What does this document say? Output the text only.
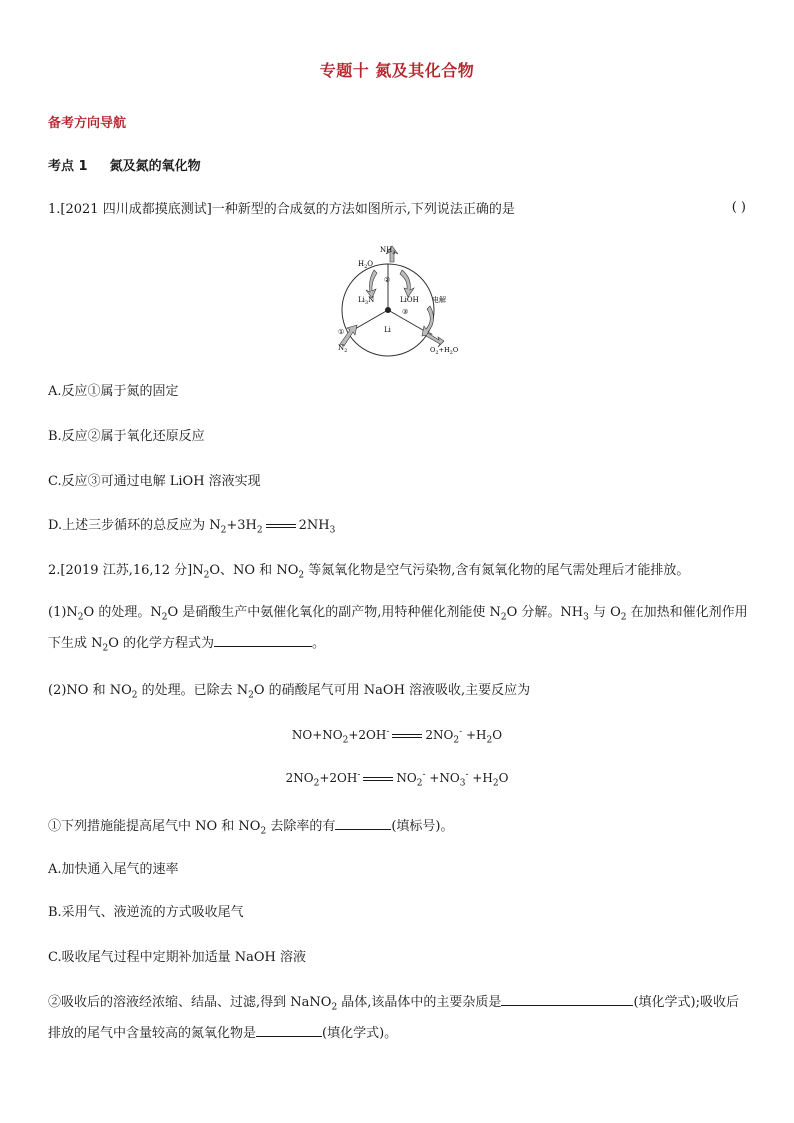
专题十 氮及其化合物
备考方向导航
考点 1 氮及氮的氧化物
1.[2021 四川成都摸底测试]一种新型的合成氨的方法如图所示,下列说法正确的是	( )
$NH_3$
$H_2O$
②
$Li_3N$	LiOH
③
电解
Li
①
$N_2$	$O_2+H_2O$
A.反应①属于氮的固定
B.反应②属于氧化还原反应
C.反应③可通过电解 LiOH 溶液实现
D.上述三步循环的总反应为 $N_2+3H_2$	$2NH_3$
2.[2019 江苏,16,12 分]$N_2O$、NO 和 $NO_2$ 等氮氧化物是空气污染物,含有氮氧化物的尾气需处理后才能排放。
$(1)N_2O$ 的处理。$N_2O$ 是硝酸生产中氨催化氧化的副产物,用特种催化剂能使 $N_2O$ 分解。$NH_3$ 与 $O_2$ 在加热和催化剂作用下生成 $N_2O$ 的化学方程式为	。
(2)NO 和 $NO_2$ 的处理。已除去 $N_2O$ 的硝酸尾气可用 NaOH 溶液吸收,主要反应为
$NO+NO_2+2OH^-$	$2NO_2^- +H_2O$
$2NO_2+2OH^-$	$NO_2^- +NO_3^- +H_2O$
①下列措施能提高尾气中 NO 和 $NO_2$ 去除率的有	(填标号)。
A.加快通入尾气的速率
B.采用气、液逆流的方式吸收尾气
C.吸收尾气过程中定期补加适量 NaOH 溶液
②吸收后的溶液经浓缩、结晶、过滤,得到 NaNO$_2$ 晶体,该晶体中的主要杂质是	(填化学式);吸收后排放的尾气中含量较高的氮氧化物是	(填化学式)。
